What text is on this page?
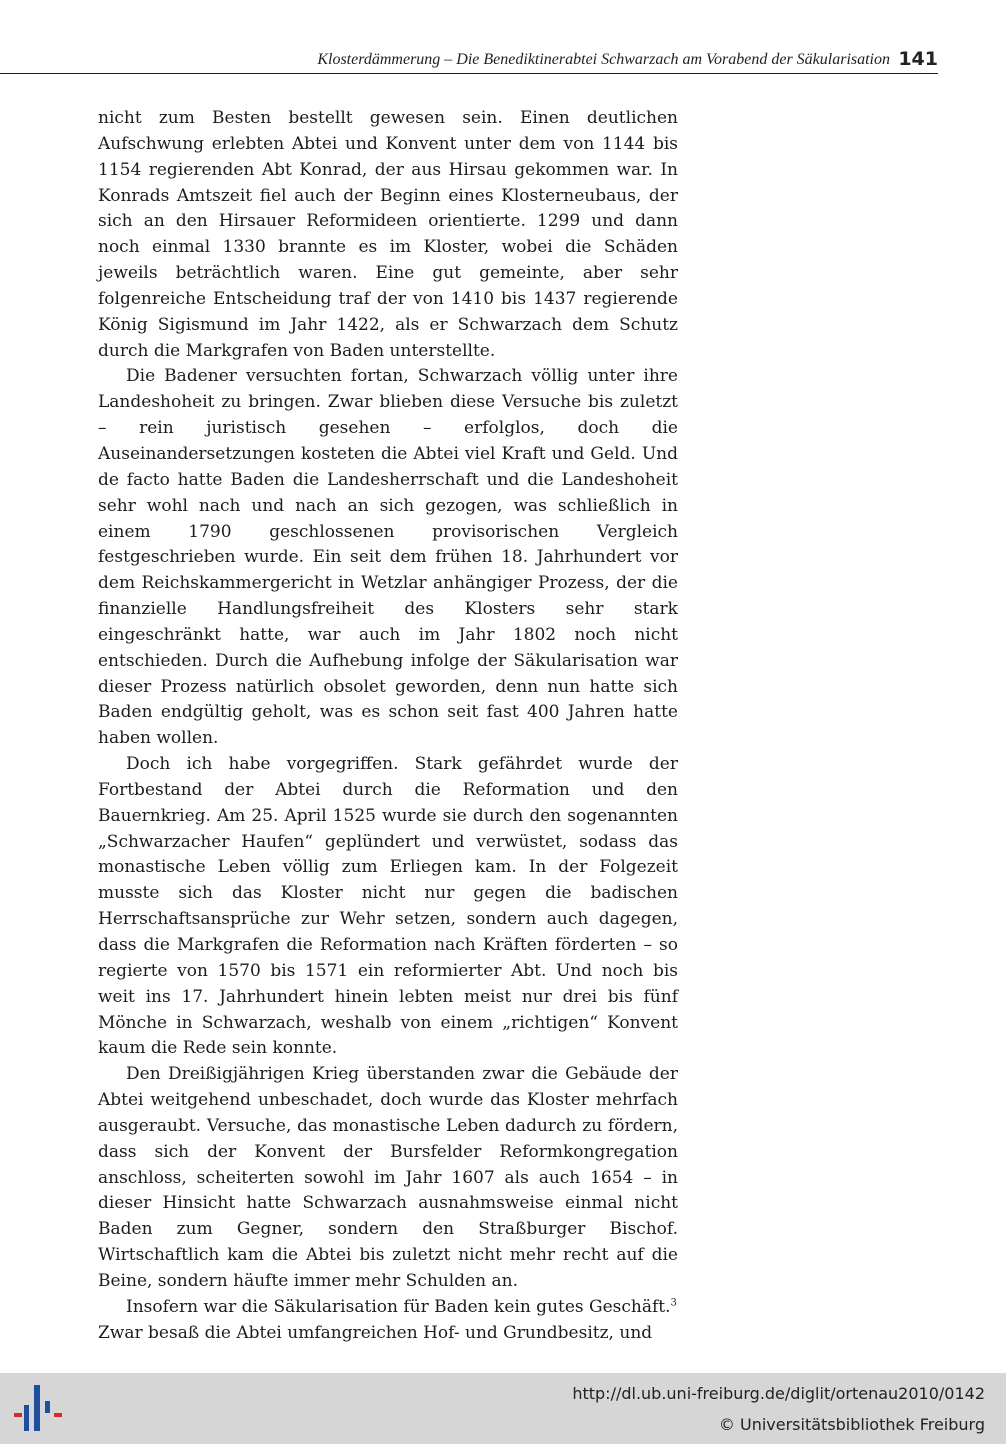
Klosterdämmerung – Die Benediktinerabtei Schwarzach am Vorabend der Säkularisation 141

nicht zum Besten bestellt gewesen sein. Einen deutlichen Aufschwung erlebten Abtei und Konvent unter dem von 1144 bis 1154 regierenden Abt Konrad, der aus Hirsau gekommen war. In Konrads Amtszeit fiel auch der Beginn eines Klosterneubaus, der sich an den Hirsauer Reformideen orientierte. 1299 und dann noch einmal 1330 brannte es im Kloster, wobei die Schäden jeweils beträchtlich waren. Eine gut gemeinte, aber sehr folgenreiche Entscheidung traf der von 1410 bis 1437 regierende König Sigismund im Jahr 1422, als er Schwarzach dem Schutz durch die Markgrafen von Baden unterstellte.

Die Badener versuchten fortan, Schwarzach völlig unter ihre Landeshoheit zu bringen. Zwar blieben diese Versuche bis zuletzt – rein juristisch gesehen – erfolglos, doch die Auseinandersetzungen kosteten die Abtei viel Kraft und Geld. Und de facto hatte Baden die Landesherrschaft und die Landeshoheit sehr wohl nach und nach an sich gezogen, was schließlich in einem 1790 geschlossenen provisorischen Vergleich festgeschrieben wurde. Ein seit dem frühen 18. Jahrhundert vor dem Reichskammergericht in Wetzlar anhängiger Prozess, der die finanzielle Handlungsfreiheit des Klosters sehr stark eingeschränkt hatte, war auch im Jahr 1802 noch nicht entschieden. Durch die Aufhebung infolge der Säkularisation war dieser Prozess natürlich obsolet geworden, denn nun hatte sich Baden endgültig geholt, was es schon seit fast 400 Jahren hatte haben wollen.

Doch ich habe vorgegriffen. Stark gefährdet wurde der Fortbestand der Abtei durch die Reformation und den Bauernkrieg. Am 25. April 1525 wurde sie durch den sogenannten „Schwarzacher Haufen“ geplündert und verwüstet, sodass das monastische Leben völlig zum Erliegen kam. In der Folgezeit musste sich das Kloster nicht nur gegen die badischen Herrschaftsansprüche zur Wehr setzen, sondern auch dagegen, dass die Markgrafen die Reformation nach Kräften förderten – so regierte von 1570 bis 1571 ein reformierter Abt. Und noch bis weit ins 17. Jahrhundert hinein lebten meist nur drei bis fünf Mönche in Schwarzach, weshalb von einem „richtigen“ Konvent kaum die Rede sein konnte.

Den Dreißigjährigen Krieg überstanden zwar die Gebäude der Abtei weitgehend unbeschadet, doch wurde das Kloster mehrfach ausgeraubt. Versuche, das monastische Leben dadurch zu fördern, dass sich der Konvent der Bursfelder Reformkongregation anschloss, scheiterten sowohl im Jahr 1607 als auch 1654 – in dieser Hinsicht hatte Schwarzach ausnahmsweise einmal nicht Baden zum Gegner, sondern den Straßburger Bischof. Wirtschaftlich kam die Abtei bis zuletzt nicht mehr recht auf die Beine, sondern häufte immer mehr Schulden an.

Insofern war die Säkularisation für Baden kein gutes Geschäft.$^3$

Zwar besaß die Abtei umfangreichen Hof- und Grundbesitz, und

http://dl.ub.uni-freiburg.de/diglit/ortenau2010/0142
© Universitätsbibliothek Freiburg
